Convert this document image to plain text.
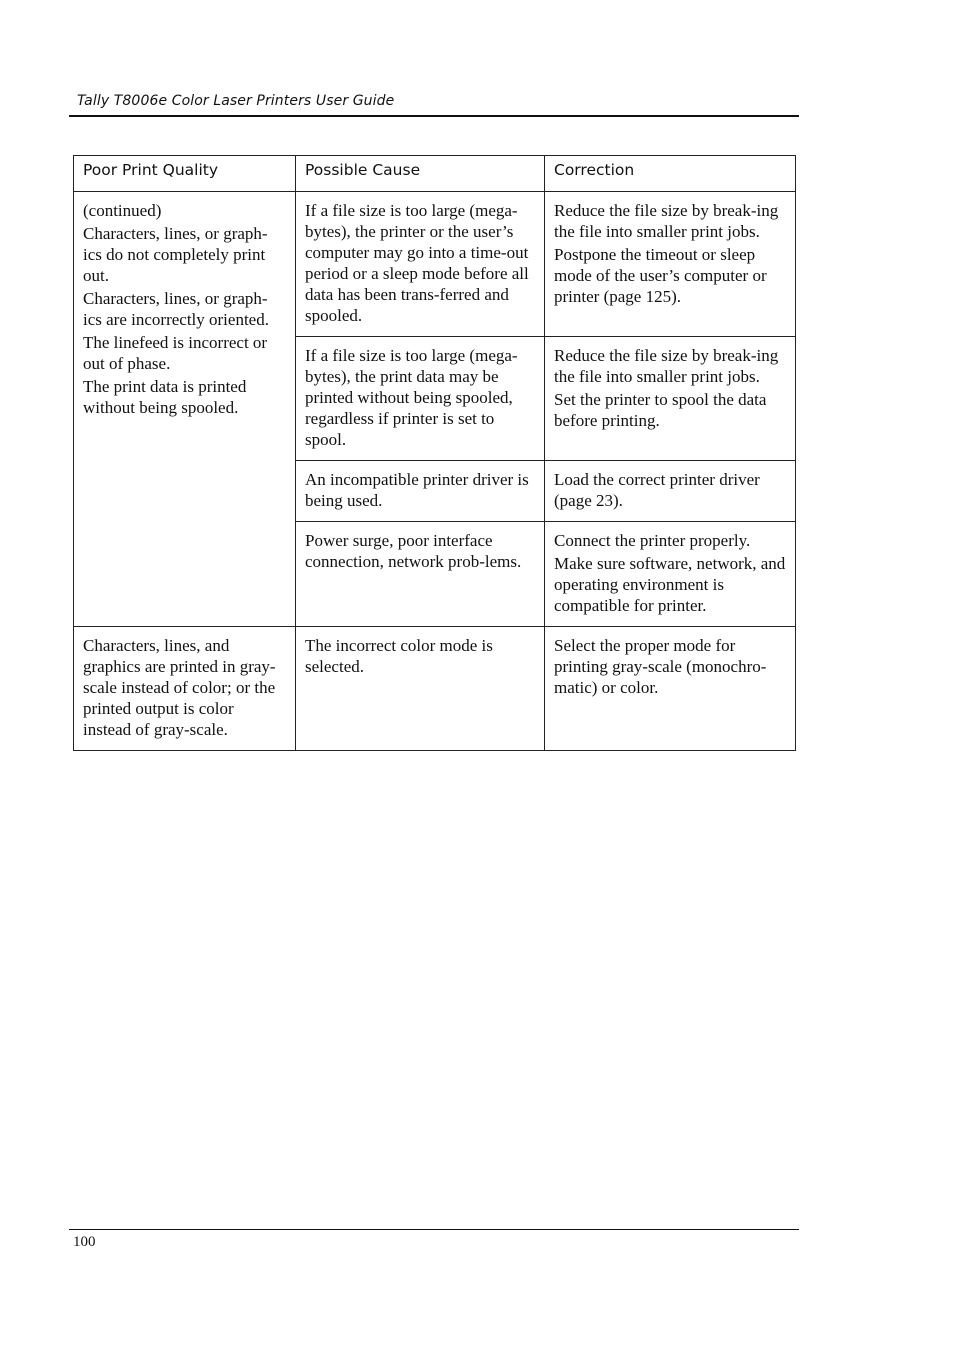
Tally T8006e Color Laser Printers User Guide
Poor Print Quality	Possible Cause	Correction

(continued)
Characters, lines, or graph-ics do not completely print out.
Characters, lines, or graph-ics are incorrectly oriented.
The linefeed is incorrect or out of phase.
The print data is printed without being spooled.	If a file size is too large (mega-bytes), the printer or the user’s computer may go into a time-out period or a sleep mode before all data has been trans-ferred and spooled.	Reduce the file size by break-ing the file into smaller print jobs.
Postpone the timeout or sleep mode of the user’s computer or printer (page 125).

	If a file size is too large (mega-bytes), the print data may be printed without being spooled, regardless if printer is set to spool.	Reduce the file size by break-ing the file into smaller print jobs.
Set the printer to spool the data before printing.

	An incompatible printer driver is being used.	Load the correct printer driver (page 23).

	Power surge, poor interface connection, network prob-lems.	Connect the printer properly.
Make sure software, network, and operating environment is compatible for printer.

Characters, lines, and graphics are printed in gray-scale instead of color; or the printed output is color instead of gray-scale.	The incorrect color mode is selected.	Select the proper mode for printing gray-scale (monochro-matic) or color.
100
